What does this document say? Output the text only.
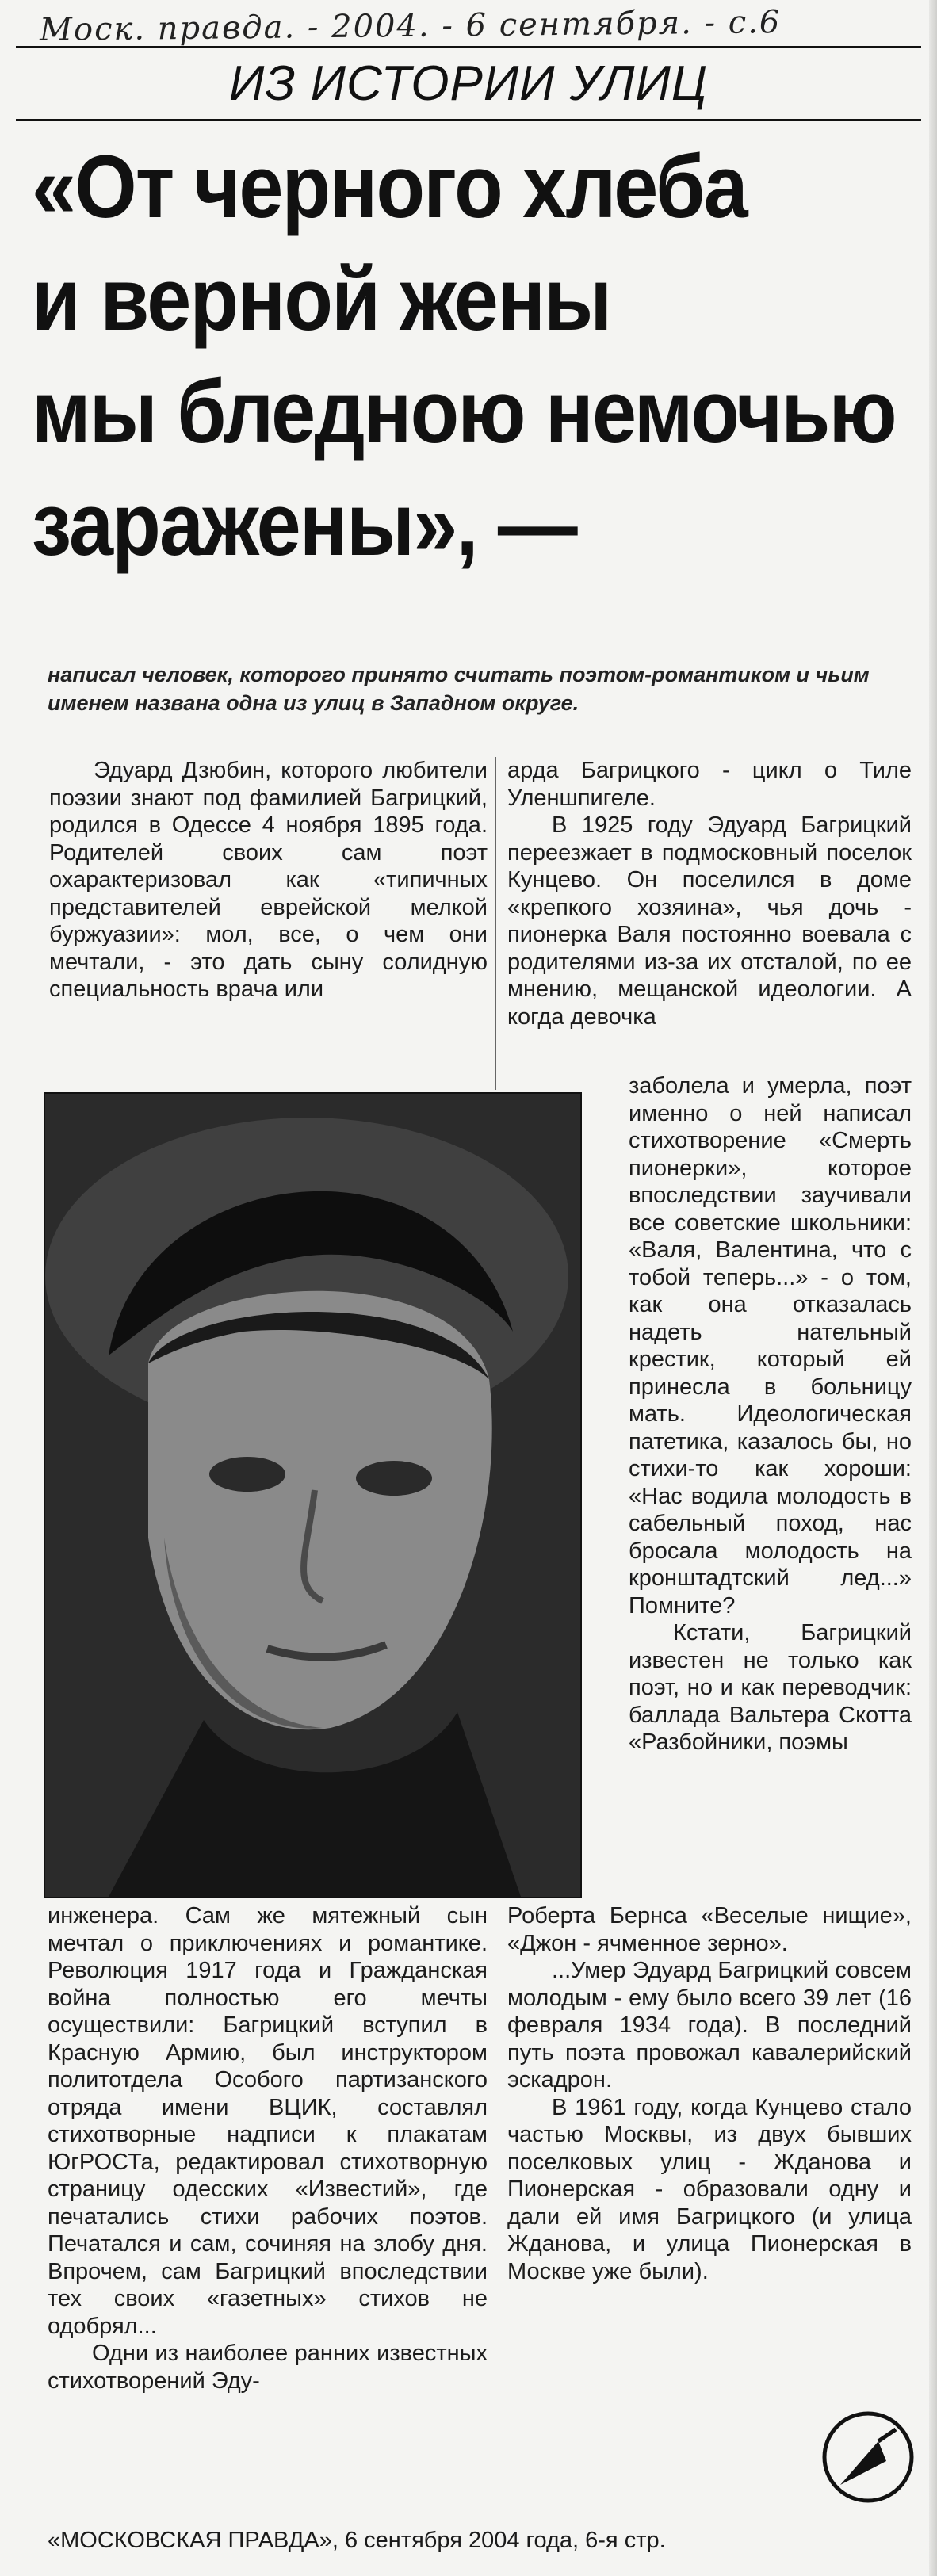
Моск. правда. - 2004. - 6 сентября. - с.6
ИЗ ИСТОРИИ УЛИЦ
«От черного хлеба
и верной жены
мы бледною немочью
заражены», —
написал человек, которого принято считать поэтом-романтиком и чьим именем названа одна из улиц в Западном округе.

Эдуард Дзюбин, которого любители поэзии знают под фамилией Багрицкий, родился в Одессе 4 ноября 1895 года. Родителей своих сам поэт охарактеризовал как «типичных представителей еврейской мелкой буржуазии»: мол, все, о чем они мечтали, - это дать сыну солидную специальность врача или

арда Багрицкого - цикл о Тиле Уленшпигеле.

В 1925 году Эдуард Багрицкий переезжает в подмосковный поселок Кунцево. Он поселился в доме «крепкого хозяина», чья дочь - пионерка Валя постоянно воевала с родителями из-за их отсталой, по ее мнению, мещанской идеологии. А когда девочка

заболела и умерла, поэт именно о ней написал стихотворение «Смерть пионерки», которое впоследствии заучивали все советские школьники: «Валя, Валентина, что с тобой теперь...» - о том, как она отказалась надеть нательный крестик, который ей принесла в больницу мать. Идеологическая патетика, казалось бы, но стихи-то как хороши: «Нас водила молодость в сабельный поход, нас бросала молодость на кронштадтский лед...» Помните?

Кстати, Багрицкий известен не только как поэт, но и как переводчик: баллада Вальтера Скотта «Разбойники, поэмы

инженера. Сам же мятежный сын мечтал о приключениях и романтике. Революция 1917 года и Гражданская война полностью его мечты осуществили: Багрицкий вступил в Красную Армию, был инструктором политотдела Особого партизанского отряда имени ВЦИК, составлял стихотворные надписи к плакатам ЮгРОСТа, редактировал стихотворную страницу одесских «Известий», где печатались стихи рабочих поэтов. Печатался и сам, сочиняя на злобу дня. Впрочем, сам Багрицкий впоследствии тех своих «газетных» стихов не одобрял...

Одни из наиболее ранних известных стихотворений Эду-

Роберта Бернса «Веселые нищие», «Джон - ячменное зерно».

...Умер Эдуард Багрицкий совсем молодым - ему было всего 39 лет (16 февраля 1934 года). В последний путь поэта провожал кавалерийский эскадрон.

В 1961 году, когда Кунцево стало частью Москвы, из двух бывших поселковых улиц - Жданова и Пионерская - образовали одну и дали ей имя Багрицкого (и улица Жданова, и улица Пионерская в Москве уже были).

«МОСКОВСКАЯ ПРАВДА», 6 сентября 2004 года, 6-я стр.
